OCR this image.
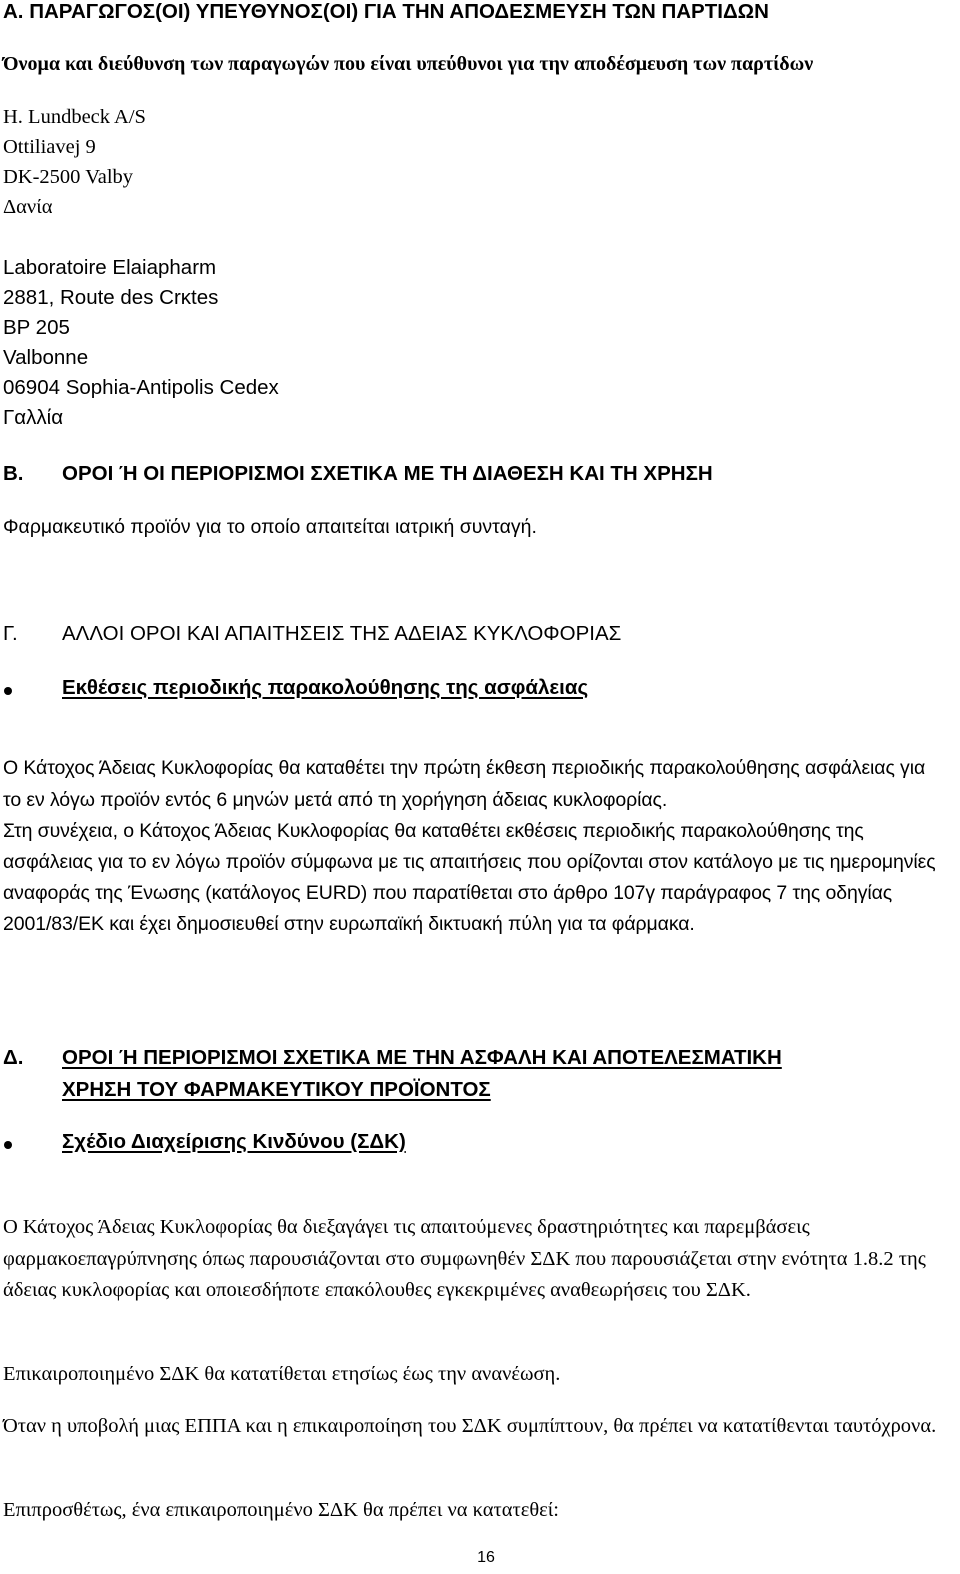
Α. ΠΑΡΑΓΩΓΟΣ(ΟΙ) ΥΠΕΥΘΥΝΟΣ(ΟΙ) ΓΙΑ ΤΗΝ ΑΠΟΔΕΣΜΕΥΣΗ ΤΩΝ ΠΑΡΤΙΔΩΝ
Όνομα και διεύθυνση των παραγωγών που είναι υπεύθυνοι για την αποδέσμευση των παρτίδων
H. Lundbeck A/S
Ottiliavej 9
DK-2500 Valby
Δανία
Laboratoire Elaiapharm
2881, Route des Crκtes
BP 205
Valbonne
06904 Sophia-Antipolis Cedex
Γαλλία
Β. ΟΡΟΙ Ή ΟΙ ΠΕΡΙΟΡΙΣΜΟΙ ΣΧΕΤΙΚΑ ΜΕ ΤΗ ΔΙΑΘΕΣΗ ΚΑΙ ΤΗ ΧΡΗΣΗ
Φαρμακευτικό προϊόν για το οποίο απαιτείται ιατρική συνταγή.
Γ. ΑΛΛΟΙ ΟΡΟΙ ΚΑΙ ΑΠΑΙΤΗΣΕΙΣ ΤΗΣ ΑΔΕΙΑΣ ΚΥΚΛΟΦΟΡΙΑΣ
Εκθέσεις περιοδικής παρακολούθησης της ασφάλειας

Ο Κάτοχος Άδειας Κυκλοφορίας θα καταθέτει την πρώτη έκθεση περιοδικής παρακολούθησης ασφάλειας για το εν λόγω προϊόν εντός 6 μηνών μετά από τη χορήγηση άδειας κυκλοφορίας.

Στη συνέχεια, ο Κάτοχος Άδειας Κυκλοφορίας θα καταθέτει εκθέσεις περιοδικής παρακολούθησης της ασφάλειας για το εν λόγω προϊόν σύμφωνα με τις απαιτήσεις που ορίζονται στον κατάλογο με τις ημερομηνίες αναφοράς της Ένωσης (κατάλογος EURD) που παρατίθεται στο άρθρο 107γ παράγραφος 7 της οδηγίας 2001/83/ΕΚ και έχει δημοσιευθεί στην ευρωπαϊκή δικτυακή πύλη για τα φάρμακα.

Δ. ΟΡΟΙ Ή ΠΕΡΙΟΡΙΣΜΟΙ ΣΧΕΤΙΚΑ ΜΕ ΤΗΝ ΑΣΦΑΛΗ ΚΑΙ ΑΠΟΤΕΛΕΣΜΑΤΙΚΗ
ΧΡΗΣΗ ΤΟΥ ΦΑΡΜΑΚΕΥΤΙΚΟΥ ΠΡΟΪΟΝΤΟΣ
Σχέδιο Διαχείρισης Κινδύνου (ΣΔΚ)

Ο Κάτοχος Άδειας Κυκλοφορίας θα διεξαγάγει τις απαιτούμενες δραστηριότητες και παρεμβάσεις φαρμακοεπαγρύπνησης όπως παρουσιάζονται στο συμφωνηθέν ΣΔΚ που παρουσιάζεται στην ενότητα 1.8.2 της άδειας κυκλοφορίας και οποιεσδήποτε επακόλουθες εγκεκριμένες αναθεωρήσεις του ΣΔΚ.

Επικαιροποιημένο ΣΔΚ θα κατατίθεται ετησίως έως την ανανέωση.

Όταν η υποβολή μιας ΕΠΠΑ και η επικαιροποίηση του ΣΔΚ συμπίπτουν, θα πρέπει να κατατίθενται ταυτόχρονα.

Επιπροσθέτως, ένα επικαιροποιημένο ΣΔΚ θα πρέπει να κατατεθεί:

16
